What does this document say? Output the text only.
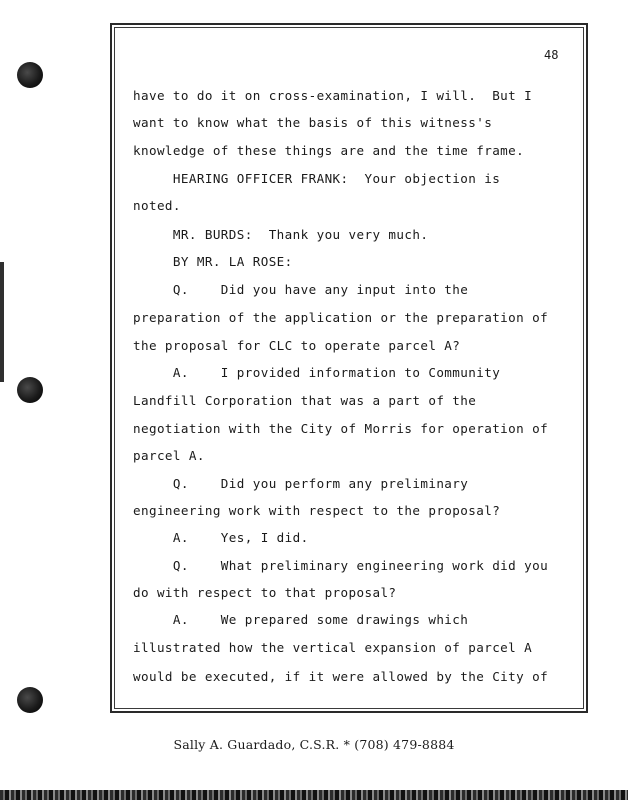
48
have to do it on cross-examination, I will.  But I
want to know what the basis of this witness's
knowledge of these things are and the time frame.
HEARING OFFICER FRANK:  Your objection is
noted.
MR. BURDS:  Thank you very much.
BY MR. LA ROSE:
Q.    Did you have any input into the
preparation of the application or the preparation of
the proposal for CLC to operate parcel A?
A.    I provided information to Community
Landfill Corporation that was a part of the
negotiation with the City of Morris for operation of
parcel A.
Q.    Did you perform any preliminary
engineering work with respect to the proposal?
A.    Yes, I did.
Q.    What preliminary engineering work did you
do with respect to that proposal?
A.    We prepared some drawings which
illustrated how the vertical expansion of parcel A
would be executed, if it were allowed by the City of
Sally A. Guardado, C.S.R. * (708) 479-8884
